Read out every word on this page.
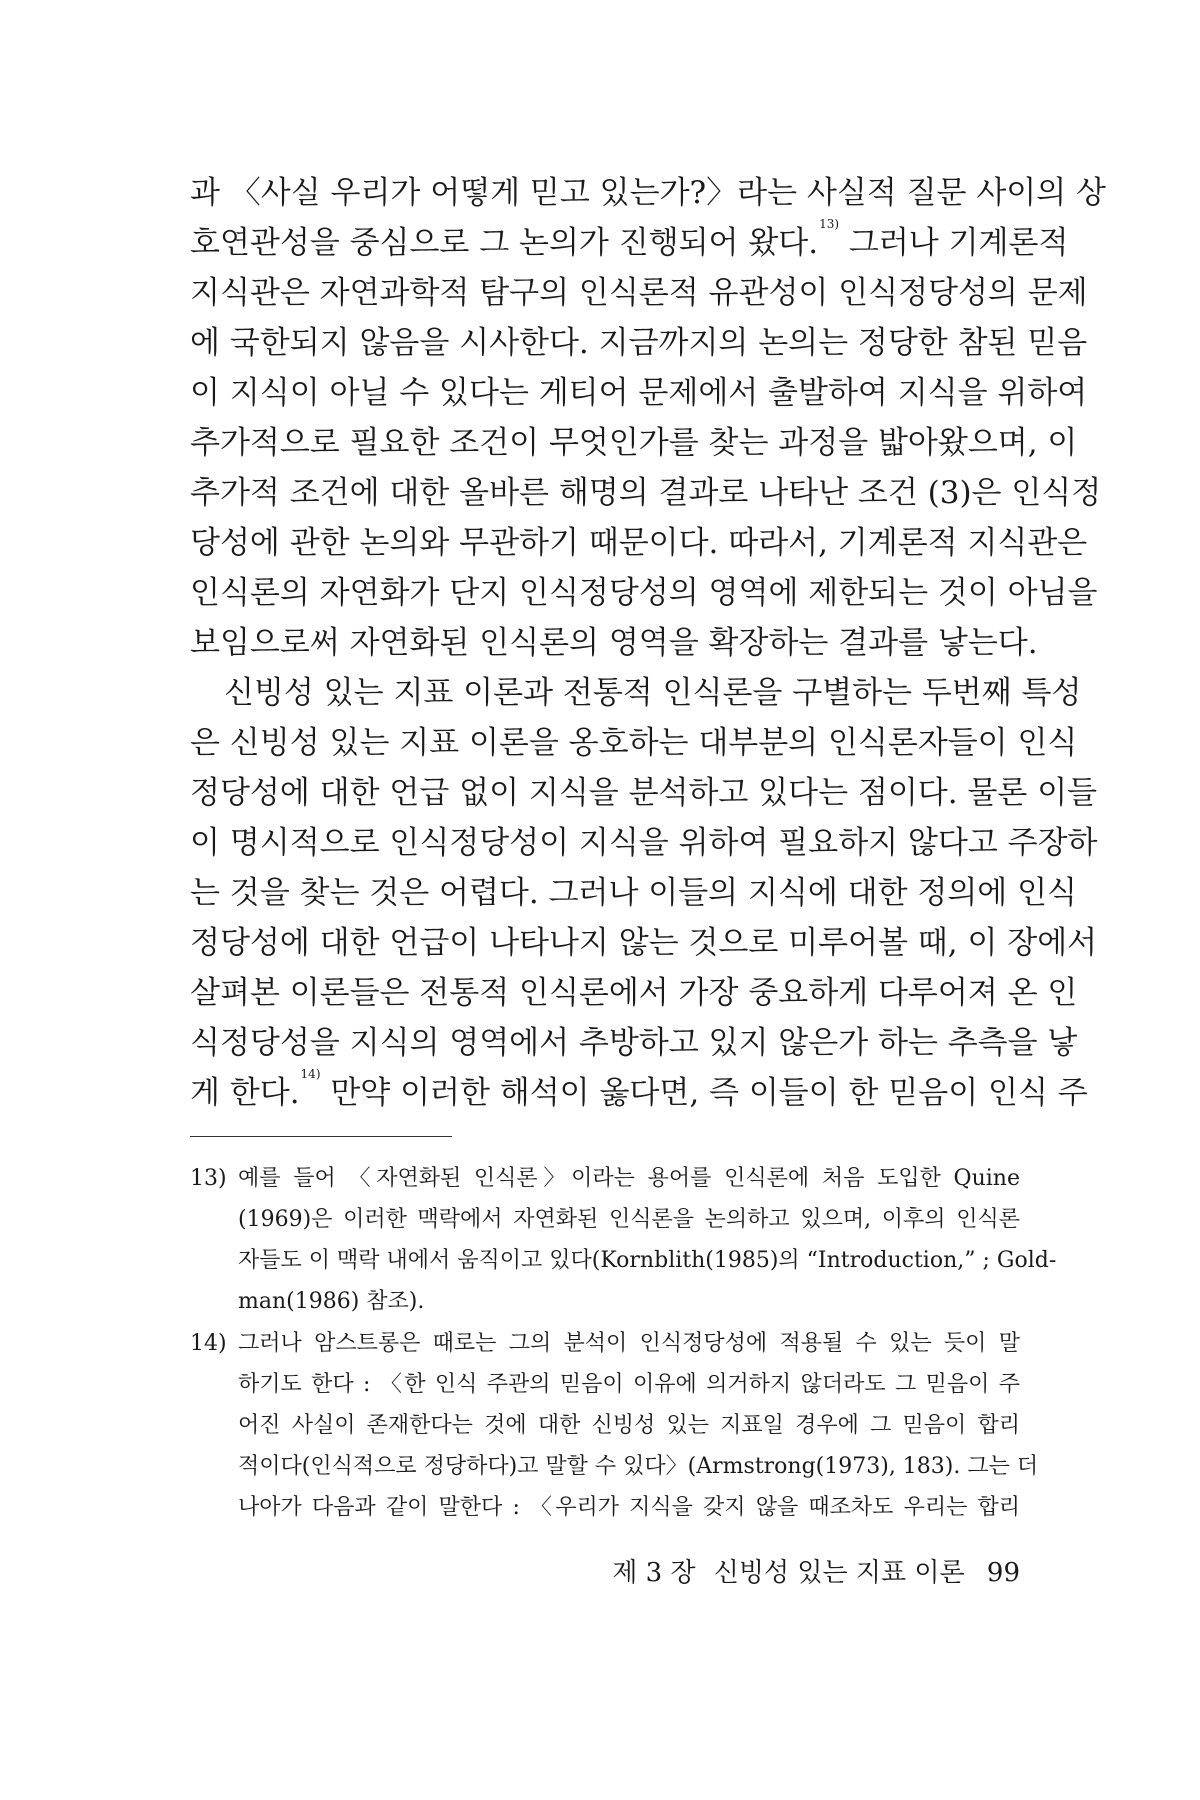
과 〈사실 우리가 어떻게 믿고 있는가?〉라는 사실적 질문 사이의 상
호연관성을 중심으로 그 논의가 진행되어 왔다.$^{13)}$ 그러나 기계론적
지식관은 자연과학적 탐구의 인식론적 유관성이 인식정당성의 문제
에 국한되지 않음을 시사한다. 지금까지의 논의는 정당한 참된 믿음
이 지식이 아닐 수 있다는 게티어 문제에서 출발하여 지식을 위하여
추가적으로 필요한 조건이 무엇인가를 찾는 과정을 밟아왔으며, 이
추가적 조건에 대한 올바른 해명의 결과로 나타난 조건 (3)은 인식정
당성에 관한 논의와 무관하기 때문이다. 따라서, 기계론적 지식관은
인식론의 자연화가 단지 인식정당성의 영역에 제한되는 것이 아님을
보임으로써 자연화된 인식론의 영역을 확장하는 결과를 낳는다.

신빙성 있는 지표 이론과 전통적 인식론을 구별하는 두번째 특성
은 신빙성 있는 지표 이론을 옹호하는 대부분의 인식론자들이 인식
정당성에 대한 언급 없이 지식을 분석하고 있다는 점이다. 물론 이들
이 명시적으로 인식정당성이 지식을 위하여 필요하지 않다고 주장하
는 것을 찾는 것은 어렵다. 그러나 이들의 지식에 대한 정의에 인식
정당성에 대한 언급이 나타나지 않는 것으로 미루어볼 때, 이 장에서
살펴본 이론들은 전통적 인식론에서 가장 중요하게 다루어져 온 인
식정당성을 지식의 영역에서 추방하고 있지 않은가 하는 추측을 낳
게 한다.$^{14)}$ 만약 이러한 해석이 옳다면, 즉 이들이 한 믿음이 인식 주

13) 예를 들어 〈자연화된 인식론〉이라는 용어를 인식론에 처음 도입한 Quine
(1969)은 이러한 맥락에서 자연화된 인식론을 논의하고 있으며, 이후의 인식론
자들도 이 맥락 내에서 움직이고 있다(Kornblith(1985)의 “Introduction,” ; Gold-
man(1986) 참조).
14) 그러나 암스트롱은 때로는 그의 분석이 인식정당성에 적용될 수 있는 듯이 말
하기도 한다 : 〈한 인식 주관의 믿음이 이유에 의거하지 않더라도 그 믿음이 주
어진 사실이 존재한다는 것에 대한 신빙성 있는 지표일 경우에 그 믿음이 합리
적이다(인식적으로 정당하다)고 말할 수 있다〉(Armstrong(1973), 183). 그는 더
나아가 다음과 같이 말한다 : 〈우리가 지식을 갖지 않을 때조차도 우리는 합리
제 3 장 신빙성 있는 지표 이론 99
